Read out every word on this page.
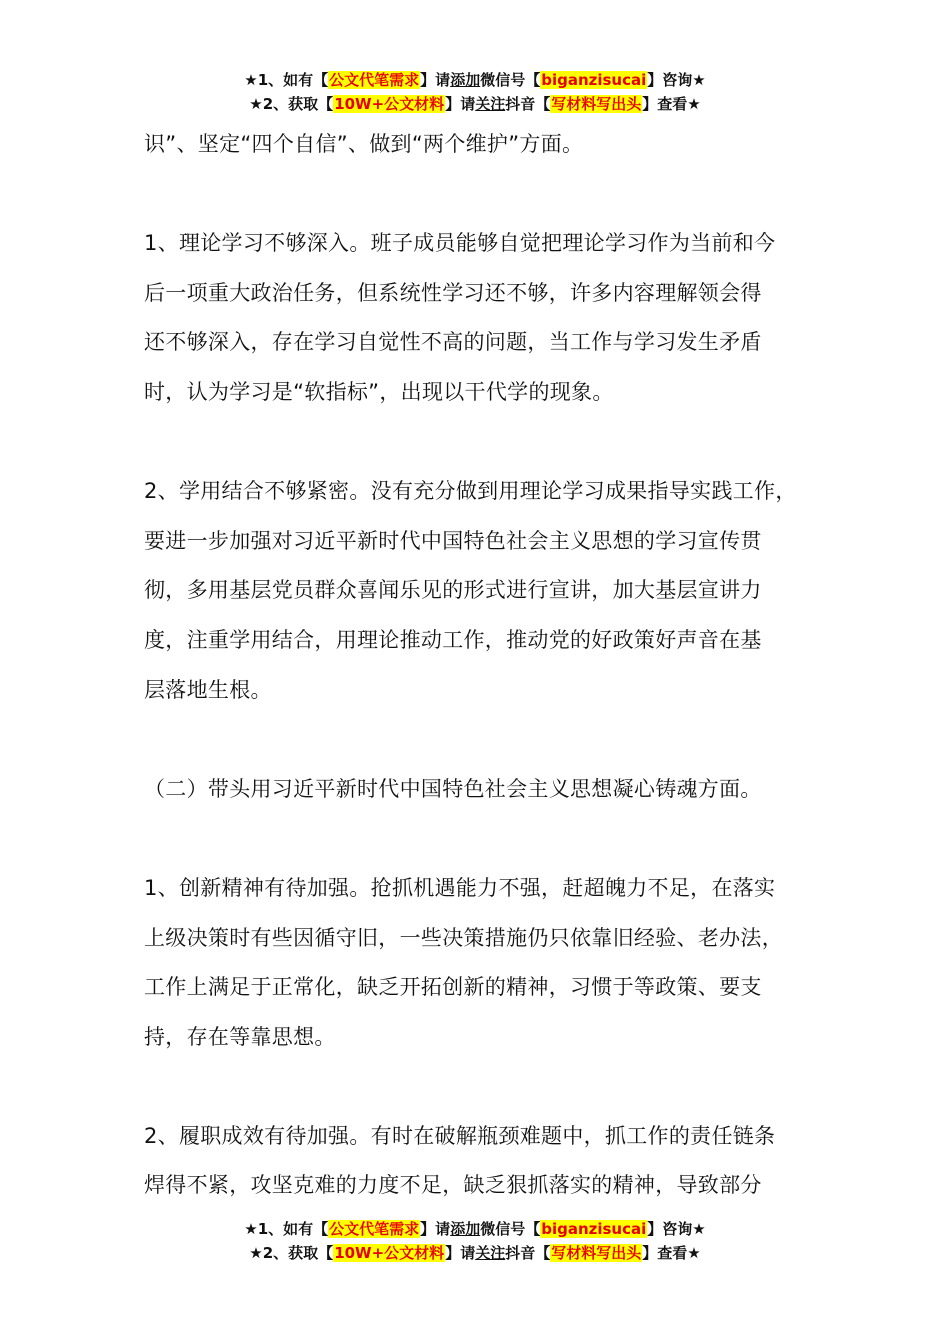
★1、如有【公文代笔需求】请添加微信号【biganzisucai】咨询★
★2、获取【10W+公文材料】请关注抖音【写材料写出头】查看★
识”、坚定“四个自信”、做到“两个维护”方面。
1、理论学习不够深入。班子成员能够自觉把理论学习作为当前和今
后一项重大政治任务，但系统性学习还不够，许多内容理解领会得
还不够深入，存在学习自觉性不高的问题，当工作与学习发生矛盾
时，认为学习是“软指标”，出现以干代学的现象。
2、学用结合不够紧密。没有充分做到用理论学习成果指导实践工作，
要进一步加强对习近平新时代中国特色社会主义思想的学习宣传贯
彻，多用基层党员群众喜闻乐见的形式进行宣讲，加大基层宣讲力
度，注重学用结合，用理论推动工作，推动党的好政策好声音在基
层落地生根。
（二）带头用习近平新时代中国特色社会主义思想凝心铸魂方面。
1、创新精神有待加强。抢抓机遇能力不强，赶超魄力不足，在落实
上级决策时有些因循守旧，一些决策措施仍只依靠旧经验、老办法，
工作上满足于正常化，缺乏开拓创新的精神，习惯于等政策、要支
持，存在等靠思想。
2、履职成效有待加强。有时在破解瓶颈难题中，抓工作的责任链条
焊得不紧，攻坚克难的力度不足，缺乏狠抓落实的精神，导致部分
★1、如有【公文代笔需求】请添加微信号【biganzisucai】咨询★
★2、获取【10W+公文材料】请关注抖音【写材料写出头】查看★
